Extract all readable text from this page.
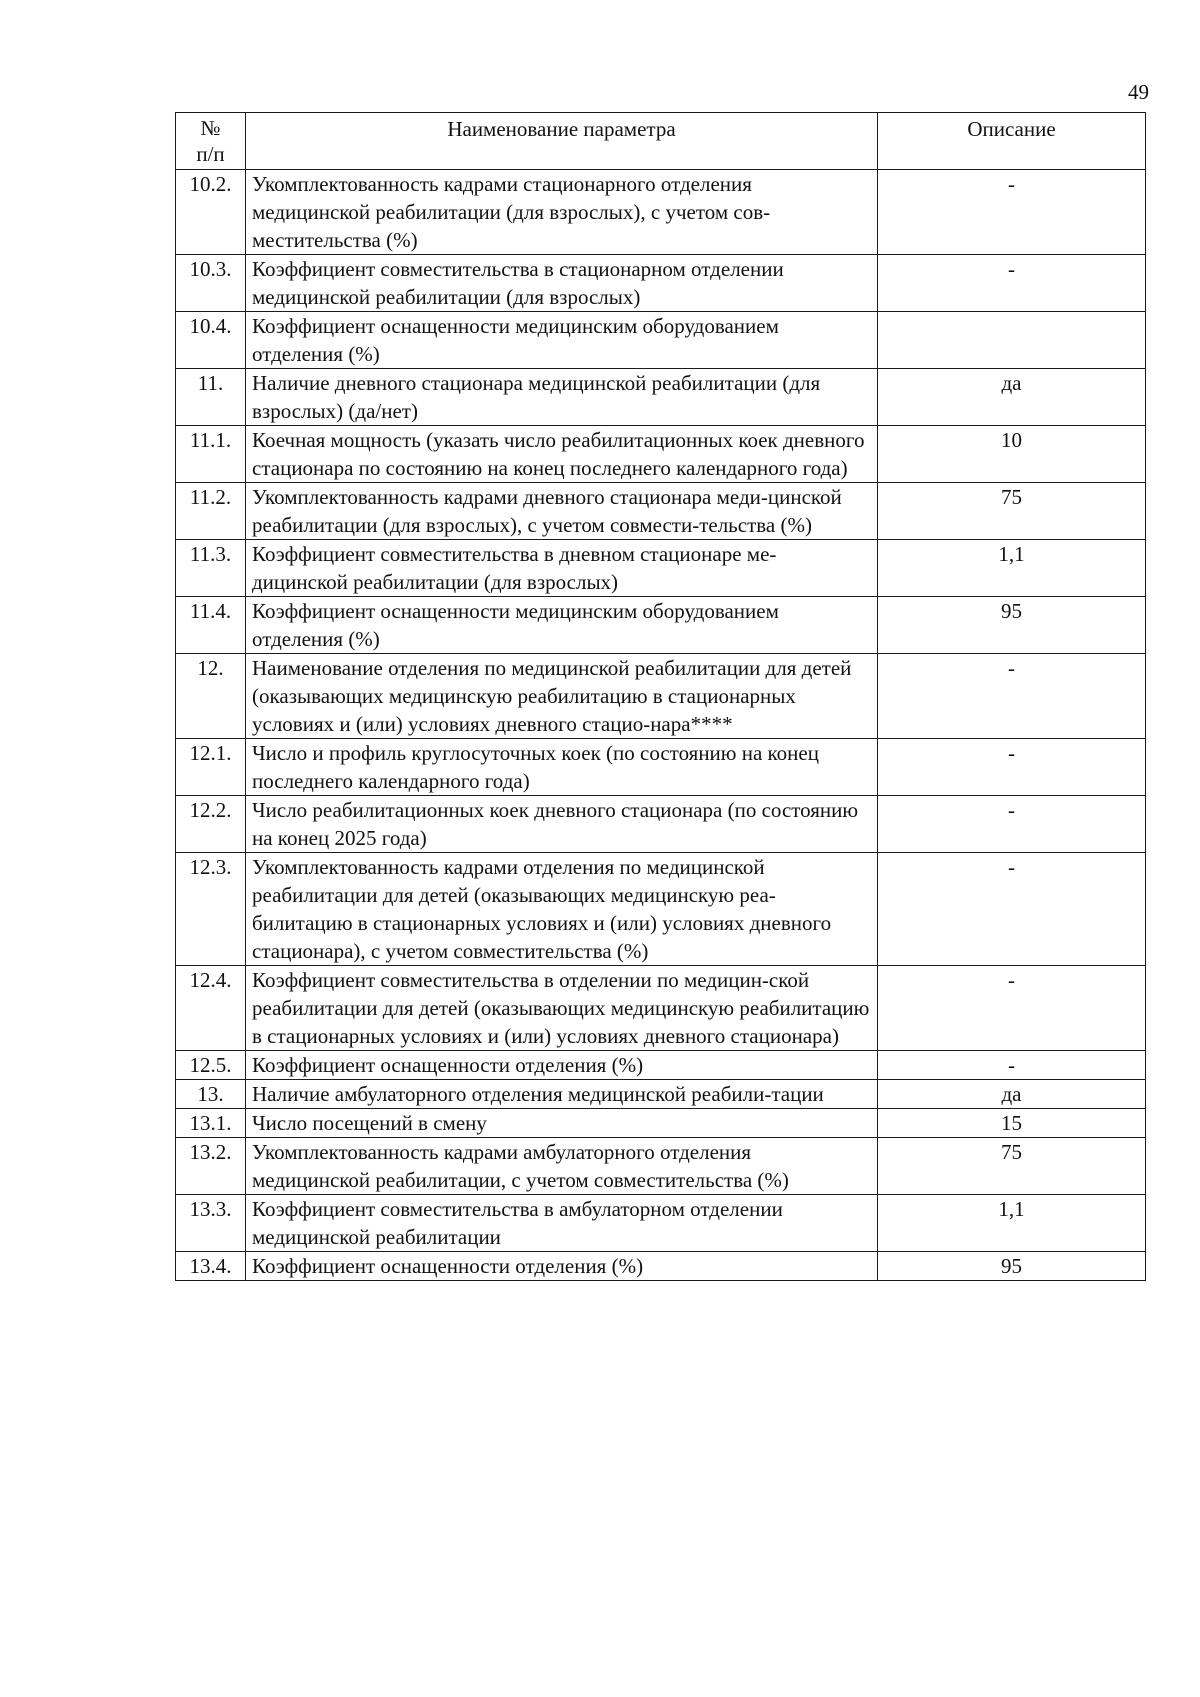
49
№
п/п	Наименование параметра	Описание
10.2.	Укомплектованность кадрами стационарного отделения медицинской реабилитации (для взрослых), с учетом сов-местительства (%)	-
10.3.	Коэффициент совместительства в стационарном отделении медицинской реабилитации (для взрослых)	-
10.4.	Коэффициент оснащенности медицинским оборудованием отделения (%)	
11.	Наличие дневного стационара медицинской реабилитации (для взрослых) (да/нет)	да
11.1.	Коечная мощность (указать число реабилитационных коек дневного стационара по состоянию на конец последнего календарного года)	10
11.2.	Укомплектованность кадрами дневного стационара меди-цинской реабилитации (для взрослых), с учетом совмести-тельства (%)	75
11.3.	Коэффициент совместительства в дневном стационаре ме-дицинской реабилитации (для взрослых)	1,1
11.4.	Коэффициент оснащенности медицинским оборудованием отделения (%)	95
12.	Наименование отделения по медицинской реабилитации для детей (оказывающих медицинскую реабилитацию в стационарных условиях и (или) условиях дневного стацио-нара****	-
12.1.	Число и профиль круглосуточных коек (по состоянию на конец последнего календарного года)	-
12.2.	Число реабилитационных коек дневного стационара (по состоянию на конец 2025 года)	-
12.3.	Укомплектованность кадрами отделения по медицинской реабилитации для детей (оказывающих медицинскую реа-билитацию в стационарных условиях и (или) условиях дневного стационара), с учетом совместительства (%)	-
12.4.	Коэффициент совместительства в отделении по медицин-ской реабилитации для детей (оказывающих медицинскую реабилитацию в стационарных условиях и (или) условиях дневного стационара)	-
12.5.	Коэффициент оснащенности отделения (%)	-
13.	Наличие амбулаторного отделения медицинской реабили-тации	да
13.1.	Число посещений в смену	15
13.2.	Укомплектованность кадрами амбулаторного отделения медицинской реабилитации, с учетом совместительства (%)	75
13.3.	Коэффициент совместительства в амбулаторном отделении медицинской реабилитации	1,1
13.4.	Коэффициент оснащенности отделения (%)	95
